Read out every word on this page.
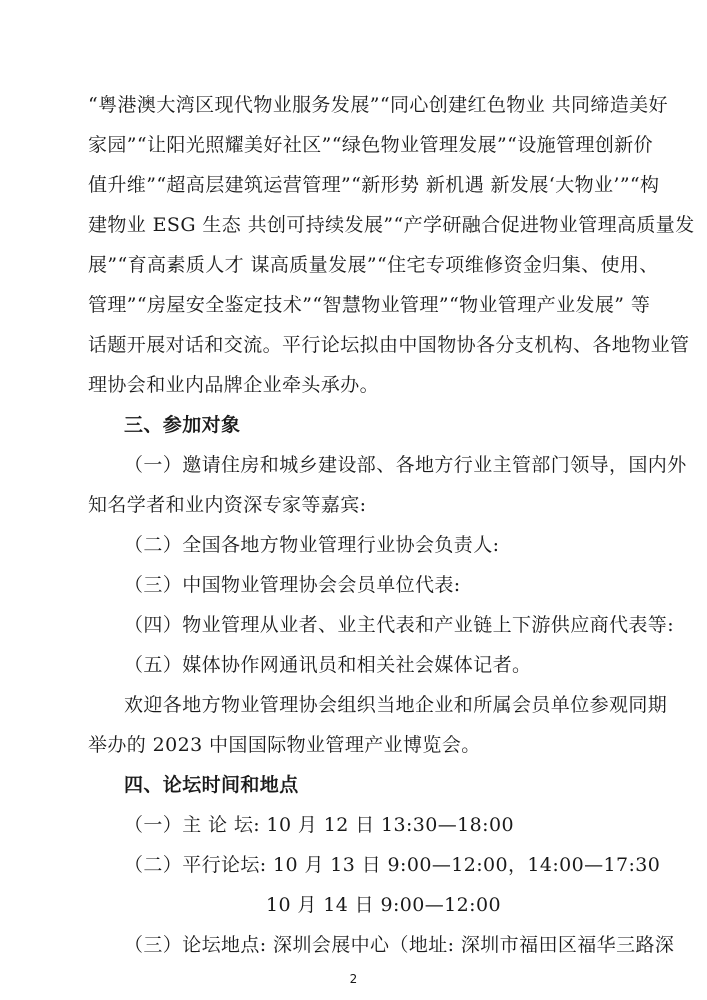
“粤港澳大湾区现代物业服务发展”“同心创建红色物业 共同缔造美好
家园”“让阳光照耀美好社区”“绿色物业管理发展”“设施管理创新价
值升维”“超高层建筑运营管理”“新形势 新机遇 新发展‘大物业’”“构
建物业 ESG 生态 共创可持续发展”“产学研融合促进物业管理高质量发
展”“育高素质人才 谋高质量发展”“住宅专项维修资金归集、使用、
管理”“房屋安全鉴定技术”“智慧物业管理”“物业管理产业发展” 等
话题开展对话和交流。平行论坛拟由中国物协各分支机构、各地物业管
理协会和业内品牌企业牵头承办。
三、参加对象
（一）邀请住房和城乡建设部、各地方行业主管部门领导，国内外
知名学者和业内资深专家等嘉宾:
（二）全国各地方物业管理行业协会负责人:
（三）中国物业管理协会会员单位代表:
（四）物业管理从业者、业主代表和产业链上下游供应商代表等:
（五）媒体协作网通讯员和相关社会媒体记者。
欢迎各地方物业管理协会组织当地企业和所属会员单位参观同期
举办的 2023 中国国际物业管理产业博览会。
四、论坛时间和地点
（一）主 论 坛: 10 月 12 日 13:30—18:00
（二）平行论坛: 10 月 13 日 9:00—12:00，14:00—17:30
10 月 14 日 9:00—12:00
（三）论坛地点: 深圳会展中心（地址: 深圳市福田区福华三路深
2
